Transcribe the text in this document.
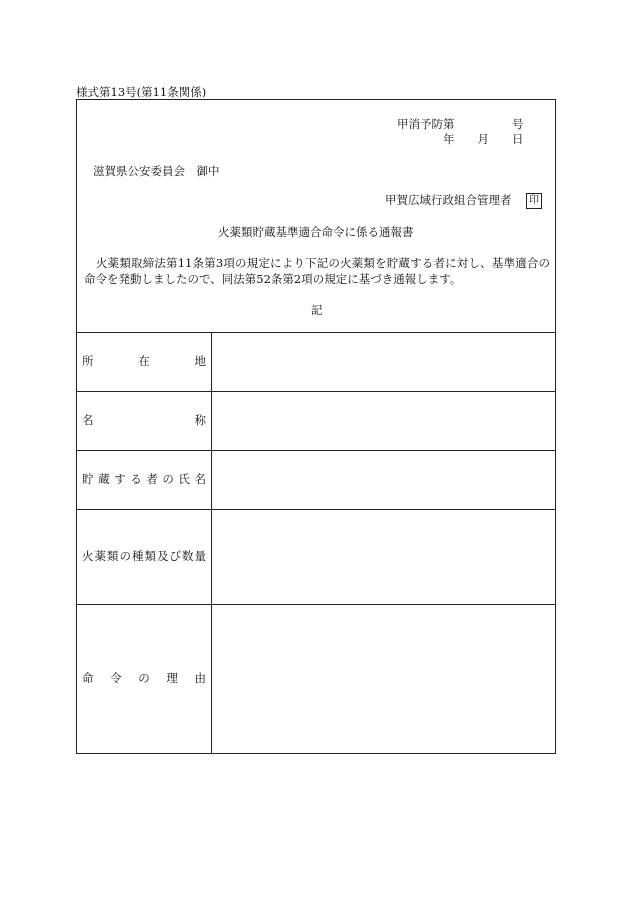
様式第13号(第11条関係)
甲消予防第　　　　　号
年　　月　　日
滋賀県公安委員会　御中
甲賀広域行政組合管理者	印
火薬類貯蔵基準適合命令に係る通報書

火薬類取締法第11条第3項の規定により下記の火薬類を貯蔵する者に対し、基準適合の命令を発動しましたので、同法第52条第2項の規定に基づき通報します。

記
所	在	地
名	称
貯 蔵 す る 者 の 氏 名
火 薬 類 の 種 類 及 び 数 量
命 令 の 理 由
